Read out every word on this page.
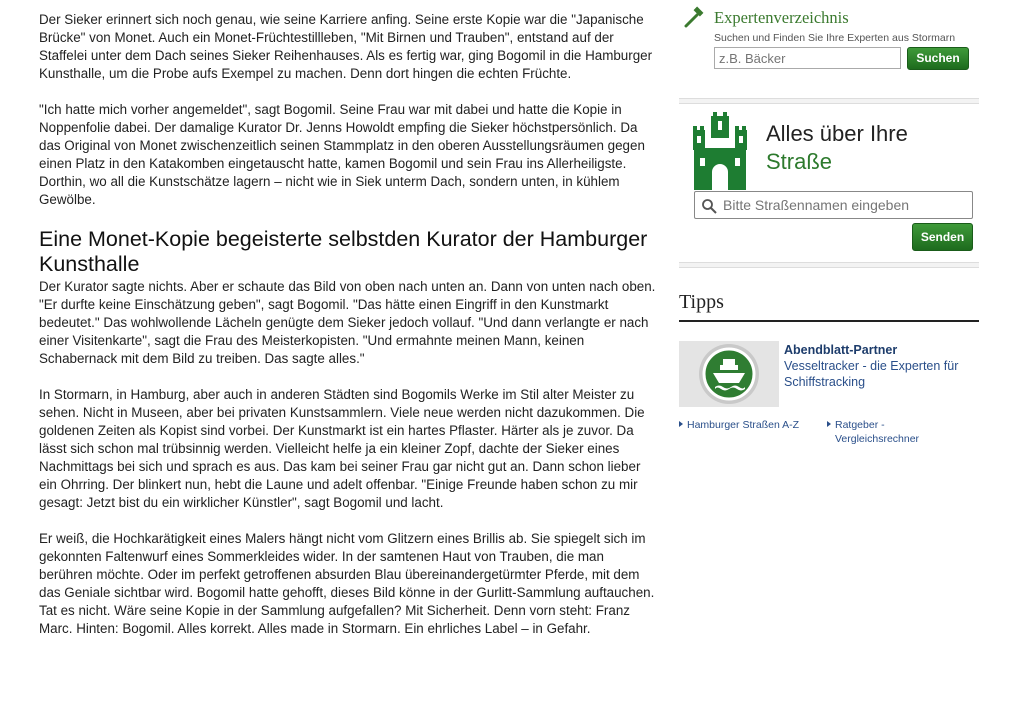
Der Sieker erinnert sich noch genau, wie seine Karriere anfing. Seine erste Kopie war die "Japanische Brücke" von Monet. Auch ein Monet-Früchtestillleben, "Mit Birnen und Trauben", entstand auf der Staffelei unter dem Dach seines Sieker Reihenhauses. Als es fertig war, ging Bogomil in die Hamburger Kunsthalle, um die Probe aufs Exempel zu machen. Denn dort hingen die echten Früchte.

"Ich hatte mich vorher angemeldet", sagt Bogomil. Seine Frau war mit dabei und hatte die Kopie in Noppenfolie dabei. Der damalige Kurator Dr. Jenns Howoldt empfing die Sieker höchstpersönlich. Da das Original von Monet zwischenzeitlich seinen Stammplatz in den oberen Ausstellungsräumen gegen einen Platz in den Katakomben eingetauscht hatte, kamen Bogomil und sein Frau ins Allerheiligste. Dorthin, wo all die Kunstschätze lagern – nicht wie in Siek unterm Dach, sondern unten, in kühlem Gewölbe.

Eine Monet-Kopie begeisterte selbstden Kurator der Hamburger Kunsthalle

Der Kurator sagte nichts. Aber er schaute das Bild von oben nach unten an. Dann von unten nach oben. "Er durfte keine Einschätzung geben", sagt Bogomil. "Das hätte einen Eingriff in den Kunstmarkt bedeutet." Das wohlwollende Lächeln genügte dem Sieker jedoch vollauf. "Und dann verlangte er nach einer Visitenkarte", sagt die Frau des Meisterkopisten. "Und ermahnte meinen Mann, keinen Schabernack mit dem Bild zu treiben. Das sagte alles."

In Stormarn, in Hamburg, aber auch in anderen Städten sind Bogomils Werke im Stil alter Meister zu sehen. Nicht in Museen, aber bei privaten Kunstsammlern. Viele neue werden nicht dazukommen. Die goldenen Zeiten als Kopist sind vorbei. Der Kunstmarkt ist ein hartes Pflaster. Härter als je zuvor. Da lässt sich schon mal trübsinnig werden. Vielleicht helfe ja ein kleiner Zopf, dachte der Sieker eines Nachmittags bei sich und sprach es aus. Das kam bei seiner Frau gar nicht gut an. Dann schon lieber ein Ohrring. Der blinkert nun, hebt die Laune und adelt offenbar. "Einige Freunde haben schon zu mir gesagt: Jetzt bist du ein wirklicher Künstler", sagt Bogomil und lacht.

Er weiß, die Hochkarätigkeit eines Malers hängt nicht vom Glitzern eines Brillis ab. Sie spiegelt sich im gekonnten Faltenwurf eines Sommerkleides wider. In der samtenen Haut von Trauben, die man berühren möchte. Oder im perfekt getroffenen absurden Blau übereinandergetürmter Pferde, mit dem das Geniale sichtbar wird. Bogomil hatte gehofft, dieses Bild könne in der Gurlitt-Sammlung auftauchen. Tat es nicht. Wäre seine Kopie in der Sammlung aufgefallen? Mit Sicherheit. Denn vorn steht: Franz Marc. Hinten: Bogomil. Alles korrekt. Alles made in Stormarn. Ein ehrliches Label – in Gefahr.

Expertenverzeichnis
Suchen und Finden Sie Ihre Experten aus Stormarn
z.B. Bäcker
Suchen
Alles über Ihre
Straße
Bitte Straßennamen eingeben
Senden
Tipps
Abendblatt-Partner
Vesseltracker - die Experten für Schiffstracking
Hamburger Straßen A-Z	Ratgeber - Vergleichsrechner
